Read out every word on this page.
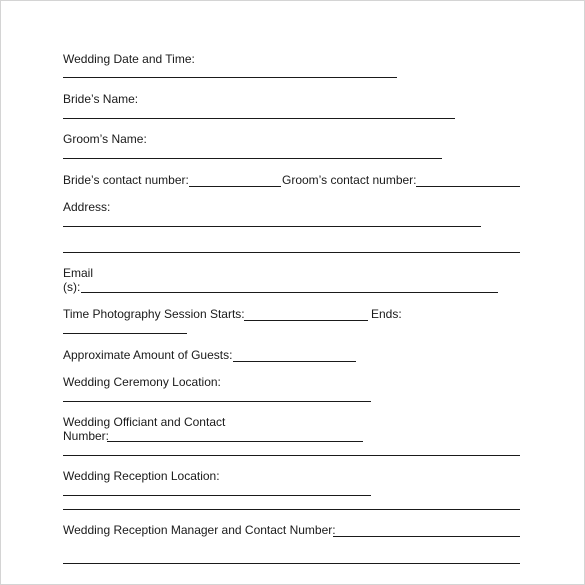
Wedding Date and Time:
Bride’s Name:
Groom’s Name:
Bride’s contact number:	Groom’s contact number:
Address:
Email
(s):
Time Photography Session Starts:	Ends:
Approximate Amount of Guests:
Wedding Ceremony Location:
Wedding Officiant and Contact
Number:
Wedding Reception Location:
Wedding Reception Manager and Contact Number:
